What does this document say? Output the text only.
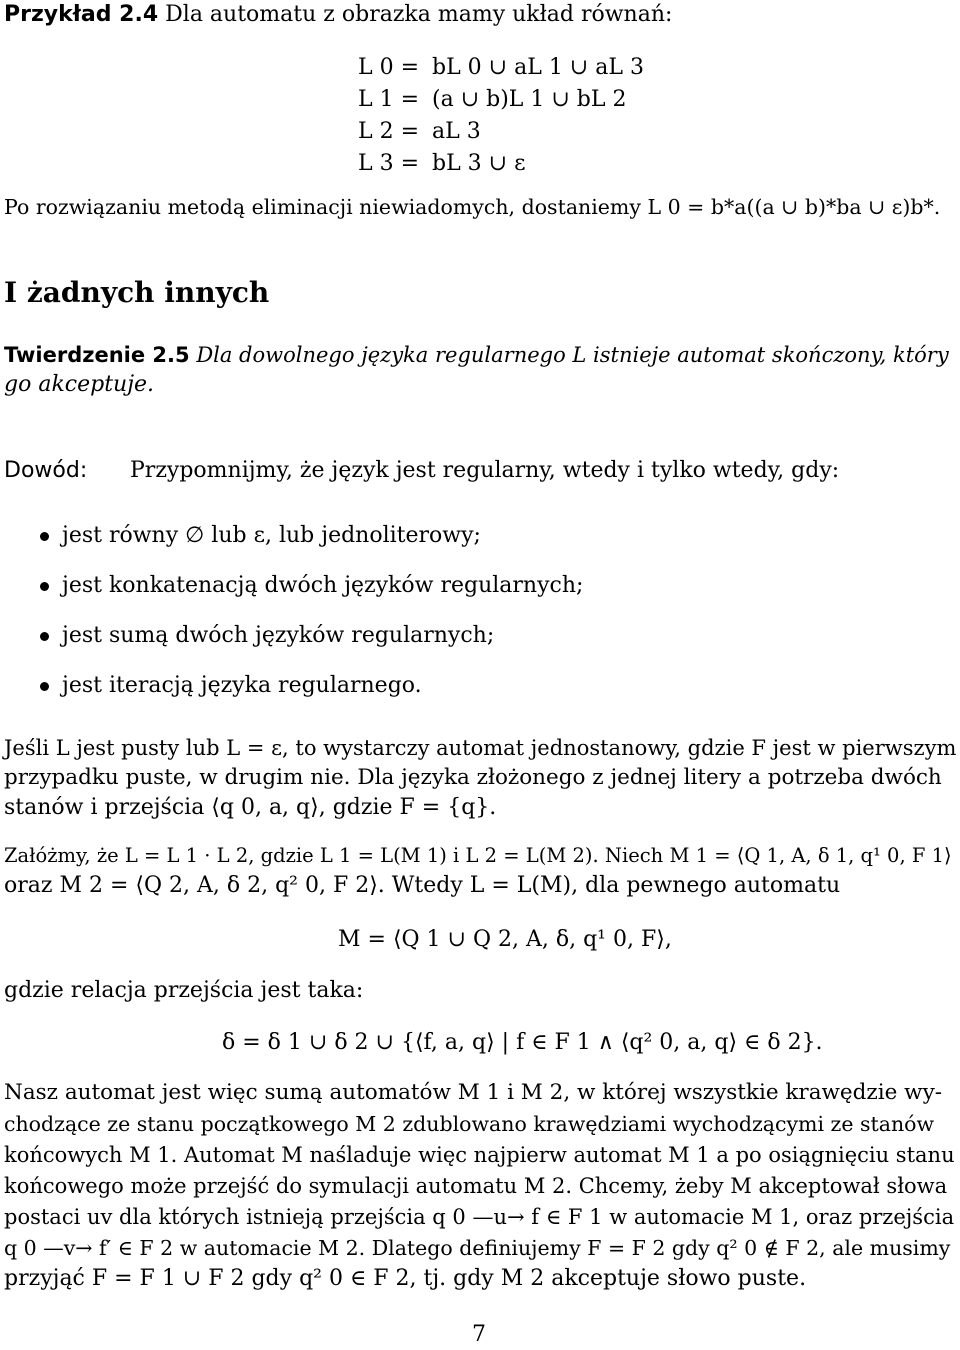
Przykład 2.4 Dla automatu z obrazka mamy układ równań:
L 0 = bL 0 ∪ aL 1 ∪ aL 3
L 1 = (a ∪ b)L 1 ∪ bL 2
L 2 = aL 3
L 3 = bL 3 ∪ ε
Po rozwiązaniu metodą eliminacji niewiadomych, dostaniemy L 0 = b*a((a ∪ b)*ba ∪ ε)b*.
I żadnych innych
Twierdzenie 2.5 Dla dowolnego języka regularnego L istnieje automat skończony, który
go akceptuje.
Dowód: Przypomnijmy, że język jest regularny, wtedy i tylko wtedy, gdy:
jest równy ∅ lub ε, lub jednoliterowy;
jest konkatenacją dwóch języków regularnych;
jest sumą dwóch języków regularnych;
jest iteracją języka regularnego.
Jeśli L jest pusty lub L = ε, to wystarczy automat jednostanowy, gdzie F jest w pierwszym
przypadku puste, w drugim nie. Dla języka złożonego z jednej litery a potrzeba dwóch
stanów i przejścia ⟨q 0, a, q⟩, gdzie F = {q}.
Załóżmy, że L = L 1 · L 2, gdzie L 1 = L(M 1) i L 2 = L(M 2). Niech M 1 = ⟨Q 1, A, δ 1, q¹ 0, F 1⟩
oraz M 2 = ⟨Q 2, A, δ 2, q² 0, F 2⟩. Wtedy L = L(M), dla pewnego automatu
M = ⟨Q 1 ∪ Q 2, A, δ, q¹ 0, F⟩,
gdzie relacja przejścia jest taka:
δ = δ 1 ∪ δ 2 ∪ {⟨f, a, q⟩ | f ∈ F 1 ∧ ⟨q² 0, a, q⟩ ∈ δ 2}.
Nasz automat jest więc sumą automatów M 1 i M 2, w której wszystkie krawędzie wy-
chodzące ze stanu początkowego M 2 zdublowano krawędziami wychodzącymi ze stanów
końcowych M 1. Automat M naśladuje więc najpierw automat M 1 a po osiągnięciu stanu
końcowego może przejść do symulacji automatu M 2. Chcemy, żeby M akceptował słowa
postaci uv dla których istnieją przejścia q 0 —u→ f ∈ F 1 w automacie M 1, oraz przejścia
q 0 —v→ f′ ∈ F 2 w automacie M 2. Dlatego definiujemy F = F 2 gdy q² 0 ∉ F 2, ale musimy
przyjąć F = F 1 ∪ F 2 gdy q² 0 ∈ F 2, tj. gdy M 2 akceptuje słowo puste.
7
